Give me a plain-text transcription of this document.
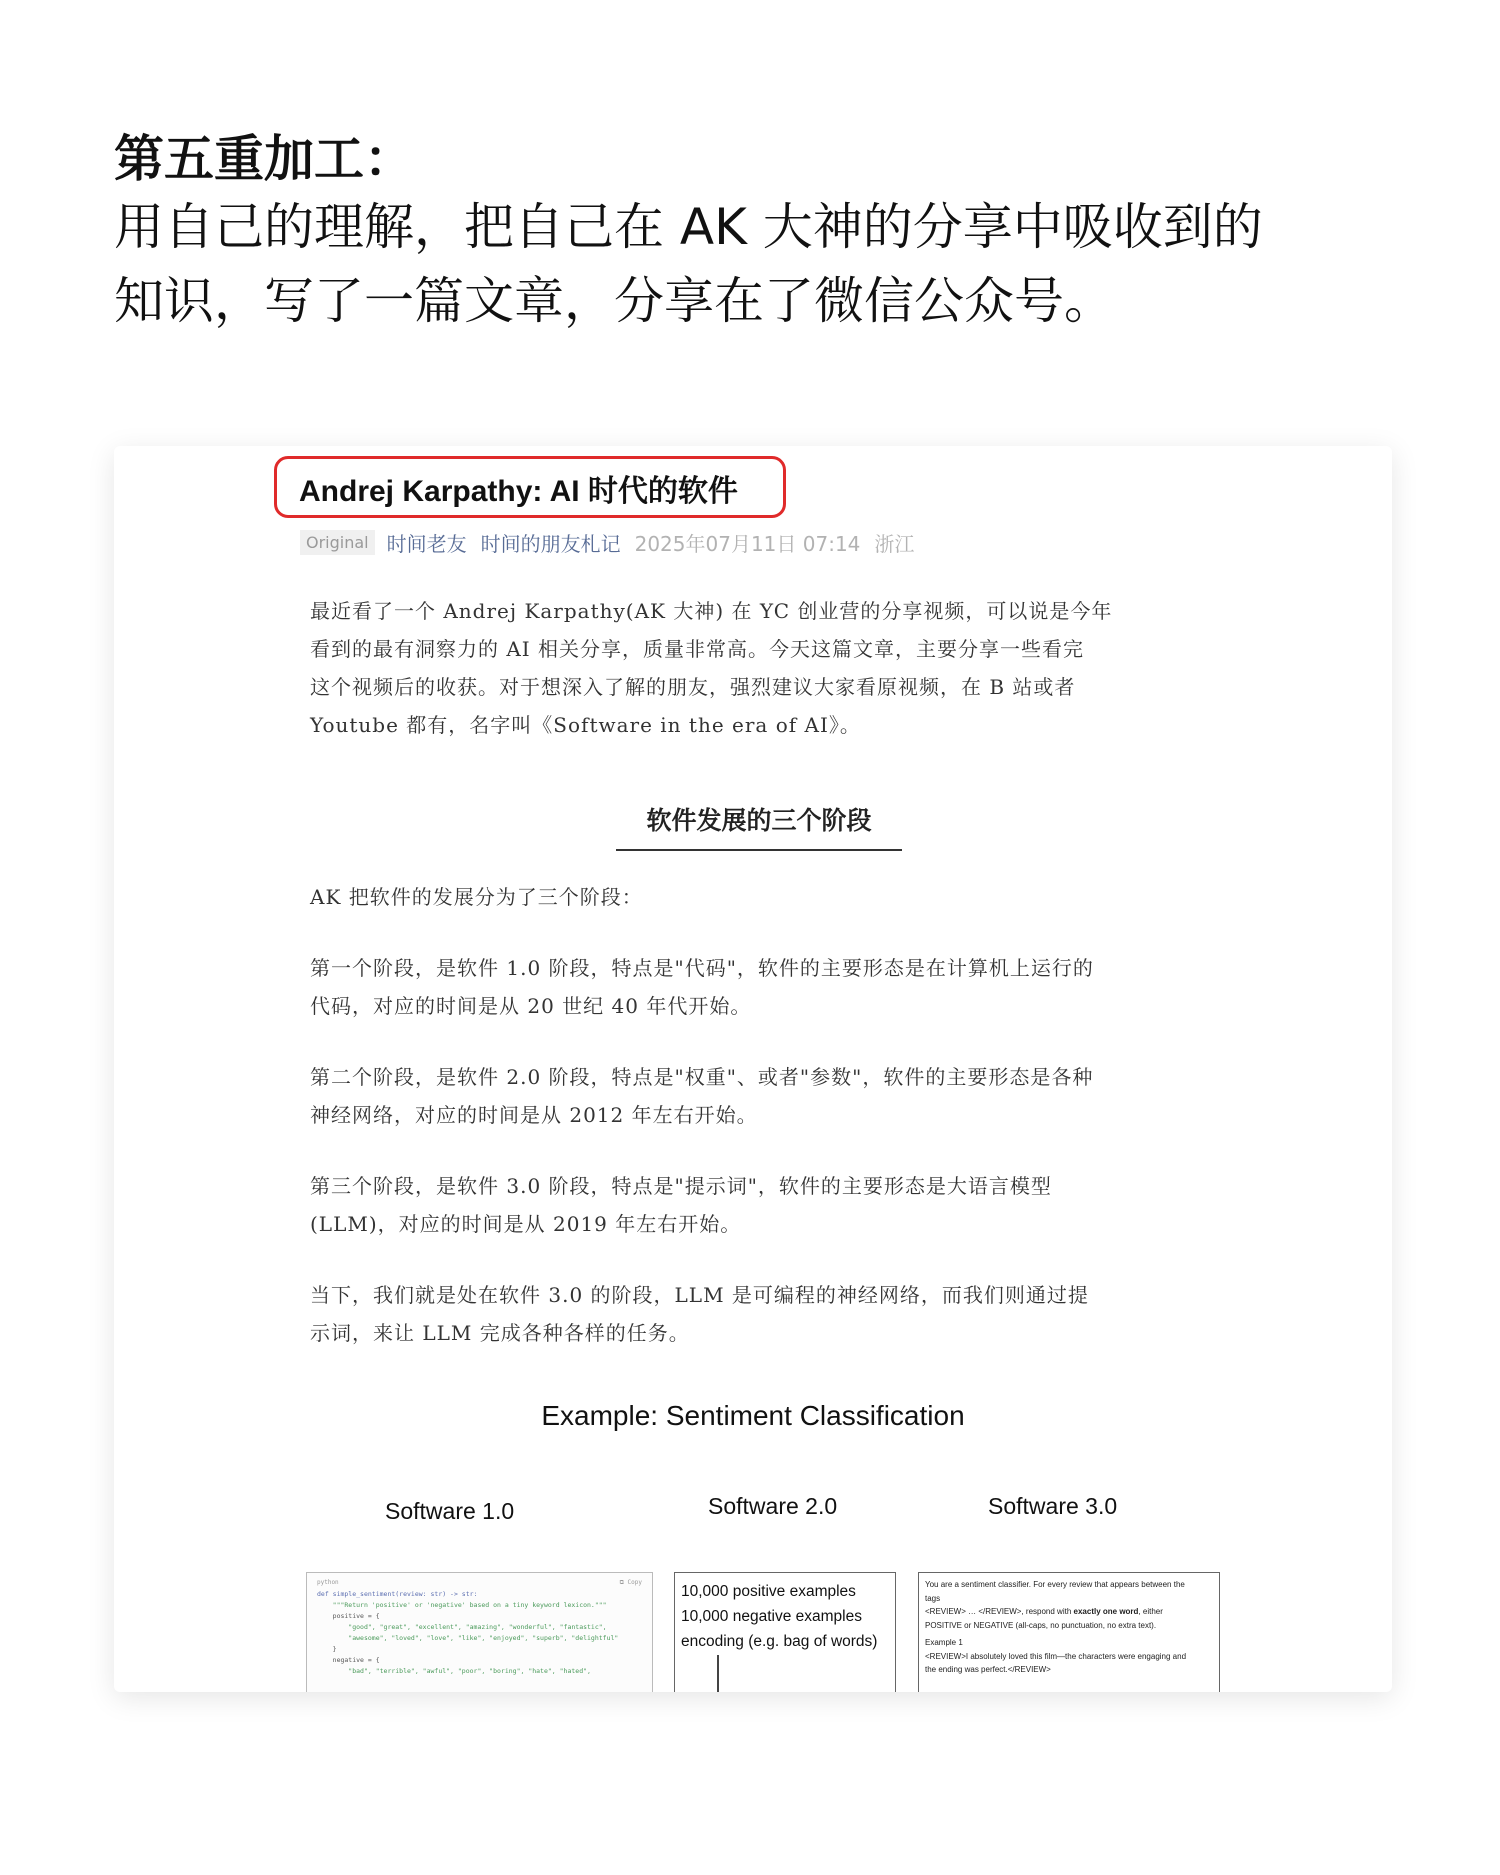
第五重加工：
用自己的理解，把自己在 AK 大神的分享中吸收到的
知识，写了一篇文章，分享在了微信公众号。
Andrej Karpathy: AI 时代的软件
Original 时间老友 时间的朋友札记 2025年07月11日 07:14 浙江
最近看了一个 Andrej Karpathy(AK 大神) 在 YC 创业营的分享视频，可以说是今年
看到的最有洞察力的 AI 相关分享，质量非常高。今天这篇文章，主要分享一些看完
这个视频后的收获。对于想深入了解的朋友，强烈建议大家看原视频，在 B 站或者
Youtube 都有，名字叫《Software in the era of AI》。
软件发展的三个阶段
AK 把软件的发展分为了三个阶段：
第一个阶段，是软件 1.0 阶段，特点是"代码"，软件的主要形态是在计算机上运行的
代码，对应的时间是从 20 世纪 40 年代开始。
第二个阶段，是软件 2.0 阶段，特点是"权重"、或者"参数"，软件的主要形态是各种
神经网络，对应的时间是从 2012 年左右开始。
第三个阶段，是软件 3.0 阶段，特点是"提示词"，软件的主要形态是大语言模型
(LLM)，对应的时间是从 2019 年左右开始。
当下，我们就是处在软件 3.0 的阶段，LLM 是可编程的神经网络，而我们则通过提
示词，来让 LLM 完成各种各样的任务。
Example: Sentiment Classification
Software 1.0	Software 2.0	Software 3.0
python	⧉ Copy
def simple_sentiment(review: str) -> str:
"""Return 'positive' or 'negative' based on a tiny keyword lexicon."""
positive = {
"good", "great", "excellent", "amazing", "wonderful", "fantastic",
"awesome", "loved", "love", "like", "enjoyed", "superb", "delightful"
}
negative = {
"bad", "terrible", "awful", "poor", "boring", "hate", "hated",
10,000 positive examples
10,000 negative examples
encoding (e.g. bag of words)
You are a sentiment classifier. For every review that appears between the
tags
<REVIEW> … </REVIEW>, respond with exactly one word, either
POSITIVE or NEGATIVE (all-caps, no punctuation, no extra text).
Example 1
<REVIEW>I absolutely loved this film—the characters were engaging and
the ending was perfect.</REVIEW>
